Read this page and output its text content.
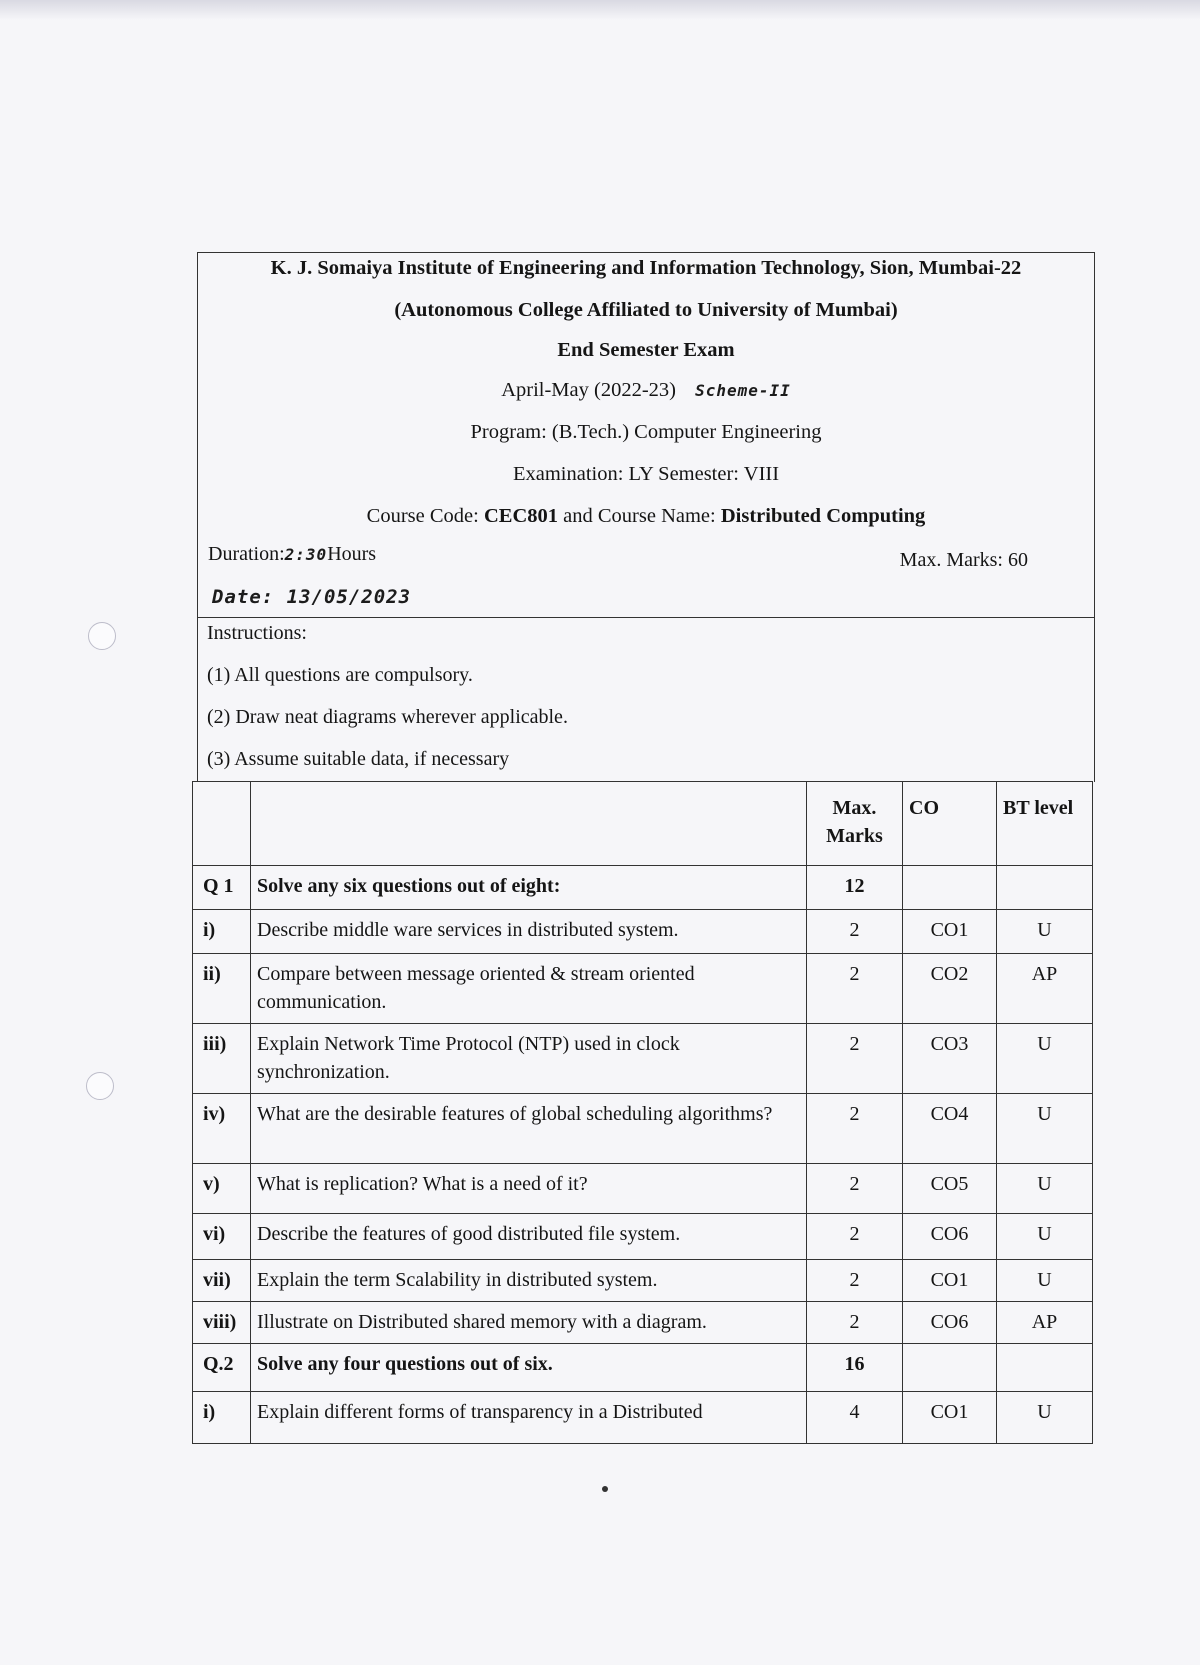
K. J. Somaiya Institute of Engineering and Information Technology, Sion, Mumbai-22
(Autonomous College Affiliated to University of Mumbai)
End Semester Exam
April-May (2022-23) Scheme-II
Program: (B.Tech.) Computer Engineering
Examination: LY Semester: VIII
Course Code: CEC801 and Course Name: Distributed Computing
Duration:2:30Hours	Max. Marks: 60
Date: 13/05/2023
Instructions:
(1) All questions are compulsory.
(2) Draw neat diagrams wherever applicable.
(3) Assume suitable data, if necessary
		Max. Marks	CO	BT level
Q 1	Solve any six questions out of eight:	12		
i)	Describe middle ware services in distributed system.	2	CO1	U
ii)	Compare between message oriented & stream oriented communication.	2	CO2	AP
iii)	Explain Network Time Protocol (NTP) used in clock synchronization.	2	CO3	U
iv)	What are the desirable features of global scheduling algorithms?	2	CO4	U
v)	What is replication? What is a need of it?	2	CO5	U
vi)	Describe the features of good distributed file system.	2	CO6	U
vii)	Explain the term Scalability in distributed system.	2	CO1	U
viii)	Illustrate on Distributed shared memory with a diagram.	2	CO6	AP
Q.2	Solve any four questions out of six.	16		
i)	Explain different forms of transparency in a Distributed	4	CO1	U
